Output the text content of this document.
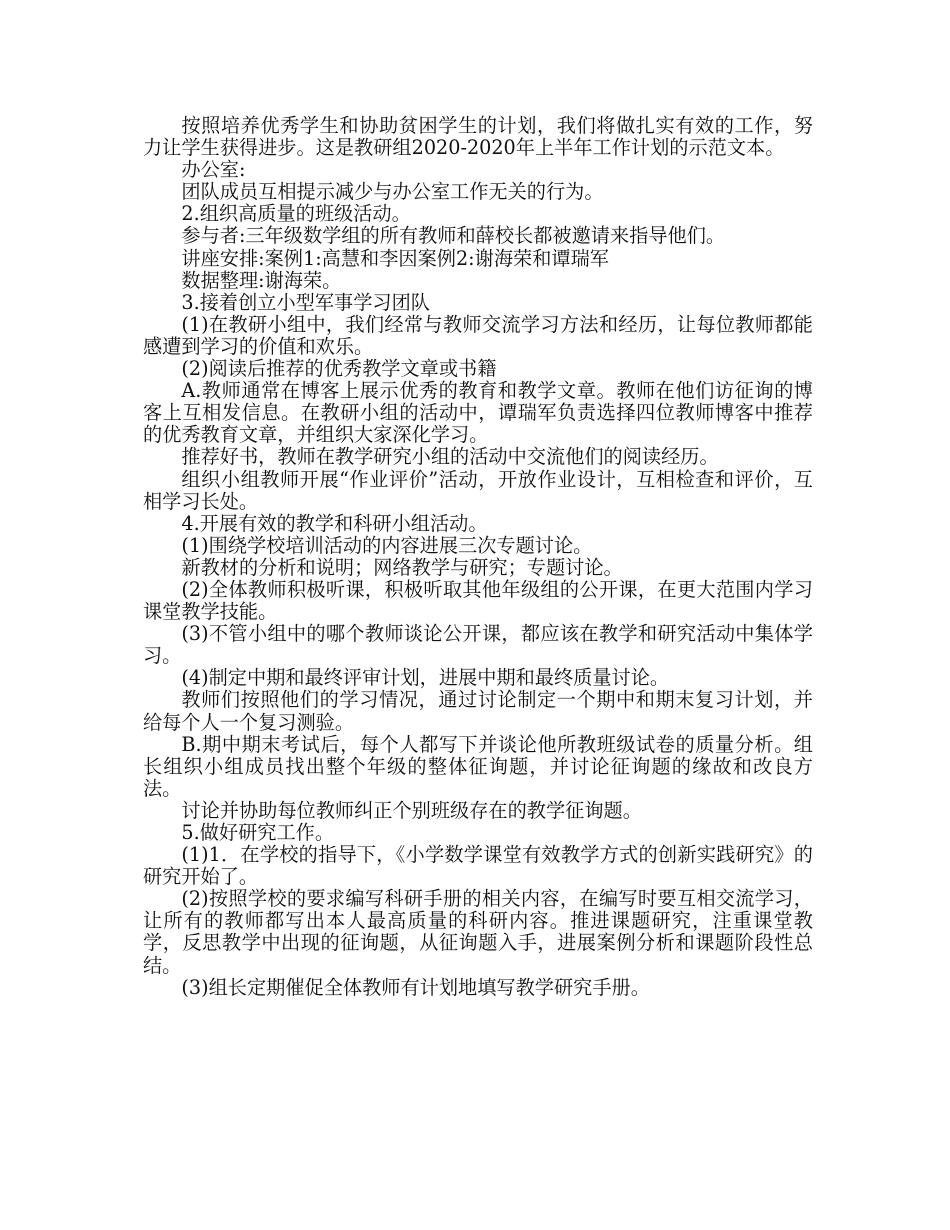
按照培养优秀学生和协助贫困学生的计划，我们将做扎实有效的工作，努力让学生获得进步。这是教研组2020-2020年上半年工作计划的示范文本。

办公室:

团队成员互相提示减少与办公室工作无关的行为。

2.组织高质量的班级活动。

参与者:三年级数学组的所有教师和薛校长都被邀请来指导他们。

讲座安排:案例1:高慧和李因案例2:谢海荣和谭瑞军

数据整理:谢海荣。

3.接着创立小型军事学习团队

(1)在教研小组中，我们经常与教师交流学习方法和经历，让每位教师都能感遭到学习的价值和欢乐。

(2)阅读后推荐的优秀教学文章或书籍

A.教师通常在博客上展示优秀的教育和教学文章。教师在他们访征询的博客上互相发信息。在教研小组的活动中，谭瑞军负责选择四位教师博客中推荐的优秀教育文章，并组织大家深化学习。

推荐好书，教师在教学研究小组的活动中交流他们的阅读经历。

组织小组教师开展“作业评价”活动，开放作业设计，互相检查和评价，互相学习长处。

4.开展有效的教学和科研小组活动。

(1)围绕学校培训活动的内容进展三次专题讨论。

新教材的分析和说明；网络教学与研究；专题讨论。

(2)全体教师积极听课，积极听取其他年级组的公开课，在更大范围内学习课堂教学技能。

(3)不管小组中的哪个教师谈论公开课，都应该在教学和研究活动中集体学习。

(4)制定中期和最终评审计划，进展中期和最终质量讨论。

教师们按照他们的学习情况，通过讨论制定一个期中和期末复习计划，并给每个人一个复习测验。

B.期中期末考试后，每个人都写下并谈论他所教班级试卷的质量分析。组长组织小组成员找出整个年级的整体征询题，并讨论征询题的缘故和改良方法。

讨论并协助每位教师纠正个别班级存在的教学征询题。

5.做好研究工作。

(1)1．在学校的指导下，《小学数学课堂有效教学方式的创新实践研究》的研究开始了。

(2)按照学校的要求编写科研手册的相关内容，在编写时要互相交流学习，让所有的教师都写出本人最高质量的科研内容。推进课题研究，注重课堂教学，反思教学中出现的征询题，从征询题入手，进展案例分析和课题阶段性总结。

(3)组长定期催促全体教师有计划地填写教学研究手册。
